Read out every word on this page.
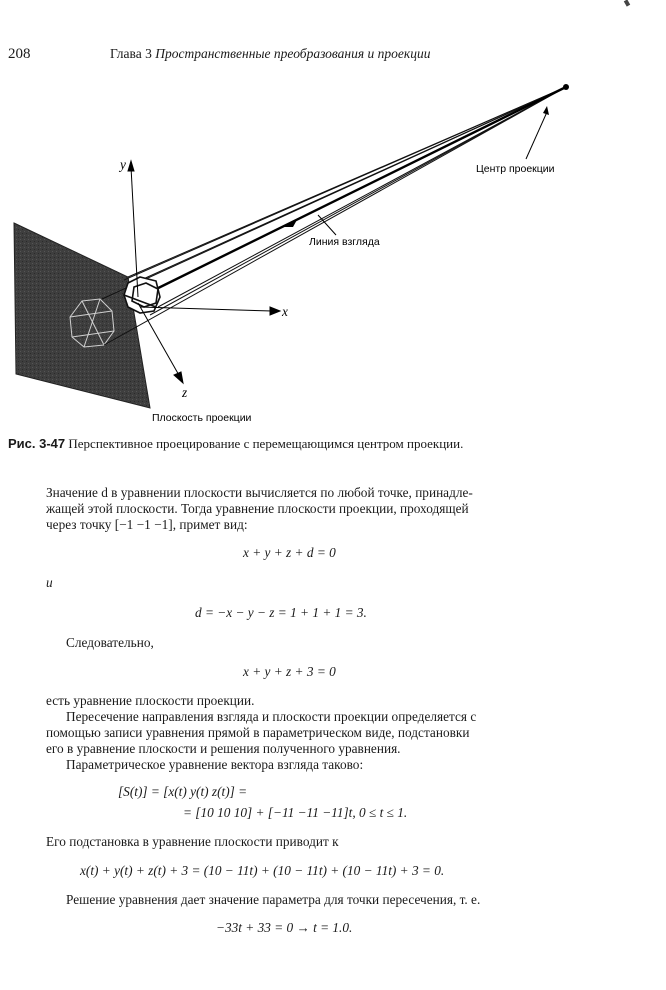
208	Глава 3 Пространственные преобразования и проекции
y
x
z
Центр проекции
Линия взгляда
Плоскость проекции
Рис. 3-47 Перспективное проецирование с перемещающимся центром проекции.
Значение d в уравнении плоскости вычисляется по любой точке, принадле-
жащей этой плоскости. Тогда уравнение плоскости проекции, проходящей
через точку [−1 −1 −1], примет вид:
x + y + z + d = 0
и
d = −x − y − z = 1 + 1 + 1 = 3.
Следовательно,
x + y + z + 3 = 0
есть уравнение плоскости проекции.
Пересечение направления взгляда и плоскости проекции определяется с
помощью записи уравнения прямой в параметрическом виде, подстановки
его в уравнение плоскости и решения полученного уравнения.
Параметрическое уравнение вектора взгляда таково:
[S(t)] = [x(t) y(t) z(t)] =
= [10 10 10] + [−11 −11 −11]t, 0 ≤ t ≤ 1.
Его подстановка в уравнение плоскости приводит к
x(t) + y(t) + z(t) + 3 = (10 − 11t) + (10 − 11t) + (10 − 11t) + 3 = 0.
Решение уравнения дает значение параметра для точки пересечения, т. е.
−33t + 33 = 0 → t = 1.0.
